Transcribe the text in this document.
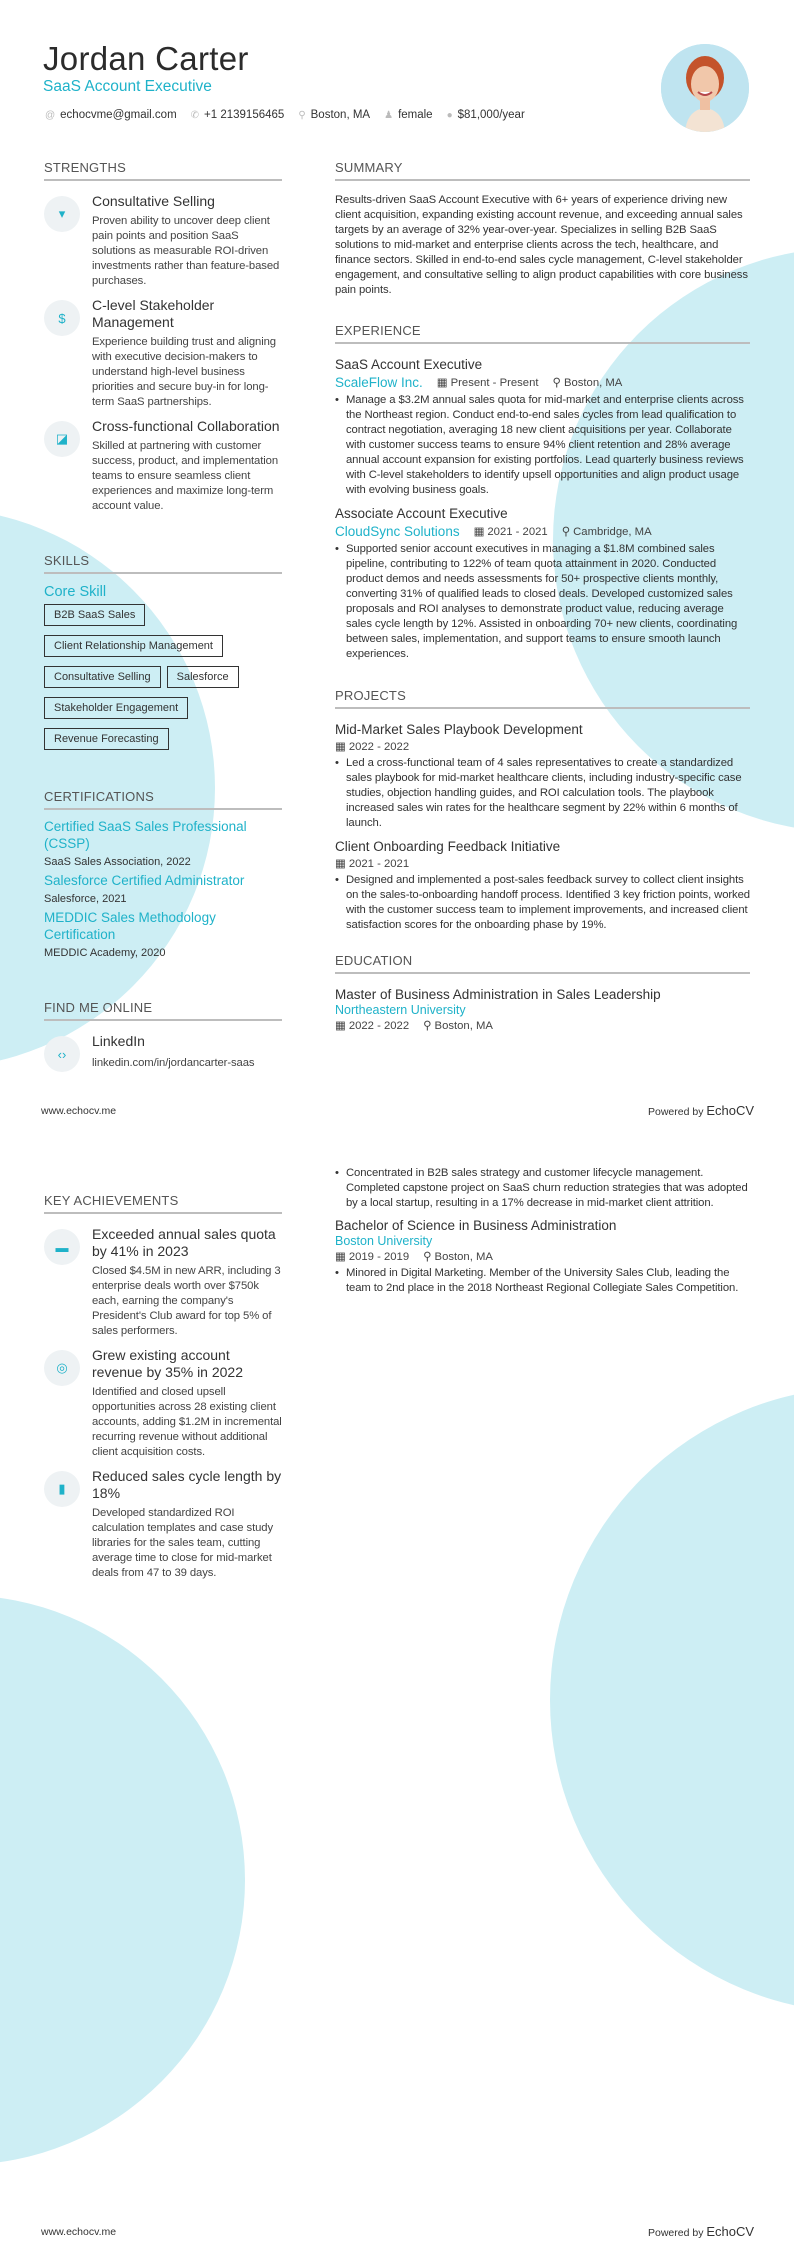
Jordan Carter
SaaS Account Executive
@ echocvme@gmail.com ✆ +1 2139156465 ⚲ Boston, MA ♟ female ● $81,000/year
STRENGTHS
▾
Consultative Selling
Proven ability to uncover deep client pain points and position SaaS solutions as measurable ROI-driven investments rather than feature-based purchases.
$
C-level Stakeholder Management
Experience building trust and aligning with executive decision-makers to understand high-level business priorities and secure buy-in for long-term SaaS partnerships.
◪
Cross-functional Collaboration
Skilled at partnering with customer success, product, and implementation teams to ensure seamless client experiences and maximize long-term account value.
SKILLS
Core Skill
B2B SaaS Sales
Client Relationship Management
Consultative Selling Salesforce
Stakeholder Engagement
Revenue Forecasting
CERTIFICATIONS
Certified SaaS Sales Professional (CSSP)
SaaS Sales Association, 2022
Salesforce Certified Administrator
Salesforce, 2021
MEDDIC Sales Methodology Certification
MEDDIC Academy, 2020
FIND ME ONLINE
‹›
LinkedIn
linkedin.com/in/jordancarter-saas
SUMMARY
Results-driven SaaS Account Executive with 6+ years of experience driving new client acquisition, expanding existing account revenue, and exceeding annual sales targets by an average of 32% year-over-year. Specializes in selling B2B SaaS solutions to mid-market and enterprise clients across the tech, healthcare, and finance sectors. Skilled in end-to-end sales cycle management, C-level stakeholder engagement, and consultative selling to align product capabilities with core business pain points.
EXPERIENCE
SaaS Account Executive
ScaleFlow Inc. ▦ Present - Present ⚲ Boston, MA
• Manage a $3.2M annual sales quota for mid-market and enterprise clients across the Northeast region. Conduct end-to-end sales cycles from lead qualification to contract negotiation, averaging 18 new client acquisitions per year. Collaborate with customer success teams to ensure 94% client retention and 28% average annual account expansion for existing portfolios. Lead quarterly business reviews with C-level stakeholders to identify upsell opportunities and align product usage with evolving business goals.
Associate Account Executive
CloudSync Solutions ▦ 2021 - 2021 ⚲ Cambridge, MA
• Supported senior account executives in managing a $1.8M combined sales pipeline, contributing to 122% of team quota attainment in 2020. Conducted product demos and needs assessments for 50+ prospective clients monthly, converting 31% of qualified leads to closed deals. Developed customized sales proposals and ROI analyses to demonstrate product value, reducing average sales cycle length by 12%. Assisted in onboarding 70+ new clients, coordinating between sales, implementation, and support teams to ensure smooth launch experiences.
PROJECTS
Mid-Market Sales Playbook Development
▦ 2022 - 2022
• Led a cross-functional team of 4 sales representatives to create a standardized sales playbook for mid-market healthcare clients, including industry-specific case studies, objection handling guides, and ROI calculation tools. The playbook increased sales win rates for the healthcare segment by 22% within 6 months of launch.
Client Onboarding Feedback Initiative
▦ 2021 - 2021
• Designed and implemented a post-sales feedback survey to collect client insights on the sales-to-onboarding handoff process. Identified 3 key friction points, worked with the customer success team to implement improvements, and increased client satisfaction scores for the onboarding phase by 19%.
EDUCATION
Master of Business Administration in Sales Leadership
Northeastern University
▦ 2022 - 2022 ⚲ Boston, MA
www.echocv.me	Powered by EchoCV
• Concentrated in B2B sales strategy and customer lifecycle management. Completed capstone project on SaaS churn reduction strategies that was adopted by a local startup, resulting in a 17% decrease in mid-market client attrition.
Bachelor of Science in Business Administration
Boston University
▦ 2019 - 2019 ⚲ Boston, MA
• Minored in Digital Marketing. Member of the University Sales Club, leading the team to 2nd place in the 2018 Northeast Regional Collegiate Sales Competition.
KEY ACHIEVEMENTS
▬
Exceeded annual sales quota by 41% in 2023
Closed $4.5M in new ARR, including 3 enterprise deals worth over $750k each, earning the company's President's Club award for top 5% of sales performers.
◎
Grew existing account revenue by 35% in 2022
Identified and closed upsell opportunities across 28 existing client accounts, adding $1.2M in incremental recurring revenue without additional client acquisition costs.
▮
Reduced sales cycle length by 18%
Developed standardized ROI calculation templates and case study libraries for the sales team, cutting average time to close for mid-market deals from 47 to 39 days.
www.echocv.me	Powered by EchoCV
